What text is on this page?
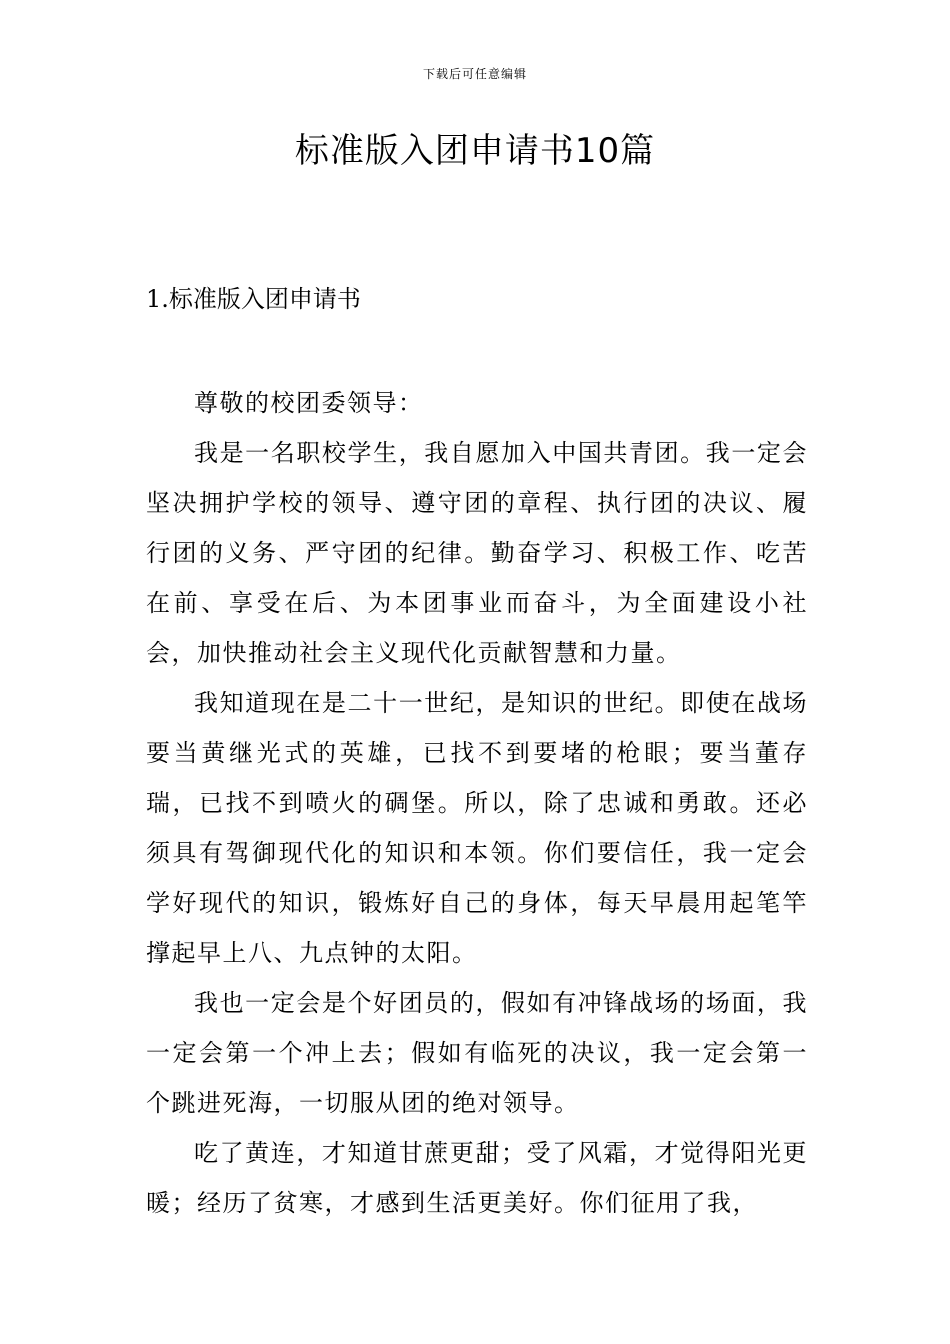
下载后可任意编辑
标准版入团申请书10篇
1.标准版入团申请书

尊敬的校团委领导：

我是一名职校学生，我自愿加入中国共青团。我一定会坚决拥护学校的领导、遵守团的章程、执行团的决议、履行团的义务、严守团的纪律。勤奋学习、积极工作、吃苦在前、享受在后、为本团事业而奋斗，为全面建设小社会，加快推动社会主义现代化贡献智慧和力量。

我知道现在是二十一世纪，是知识的世纪。即使在战场要当黄继光式的英雄，已找不到要堵的枪眼；要当董存瑞，已找不到喷火的碉堡。所以，除了忠诚和勇敢。还必须具有驾御现代化的知识和本领。你们要信任，我一定会学好现代的知识，锻炼好自己的身体，每天早晨用起笔竿撑起早上八、九点钟的太阳。

我也一定会是个好团员的，假如有冲锋战场的场面，我一定会第一个冲上去；假如有临死的决议，我一定会第一个跳进死海，一切服从团的绝对领导。

吃了黄连，才知道甘蔗更甜；受了风霜，才觉得阳光更暖；经历了贫寒，才感到生活更美好。你们征用了我，
